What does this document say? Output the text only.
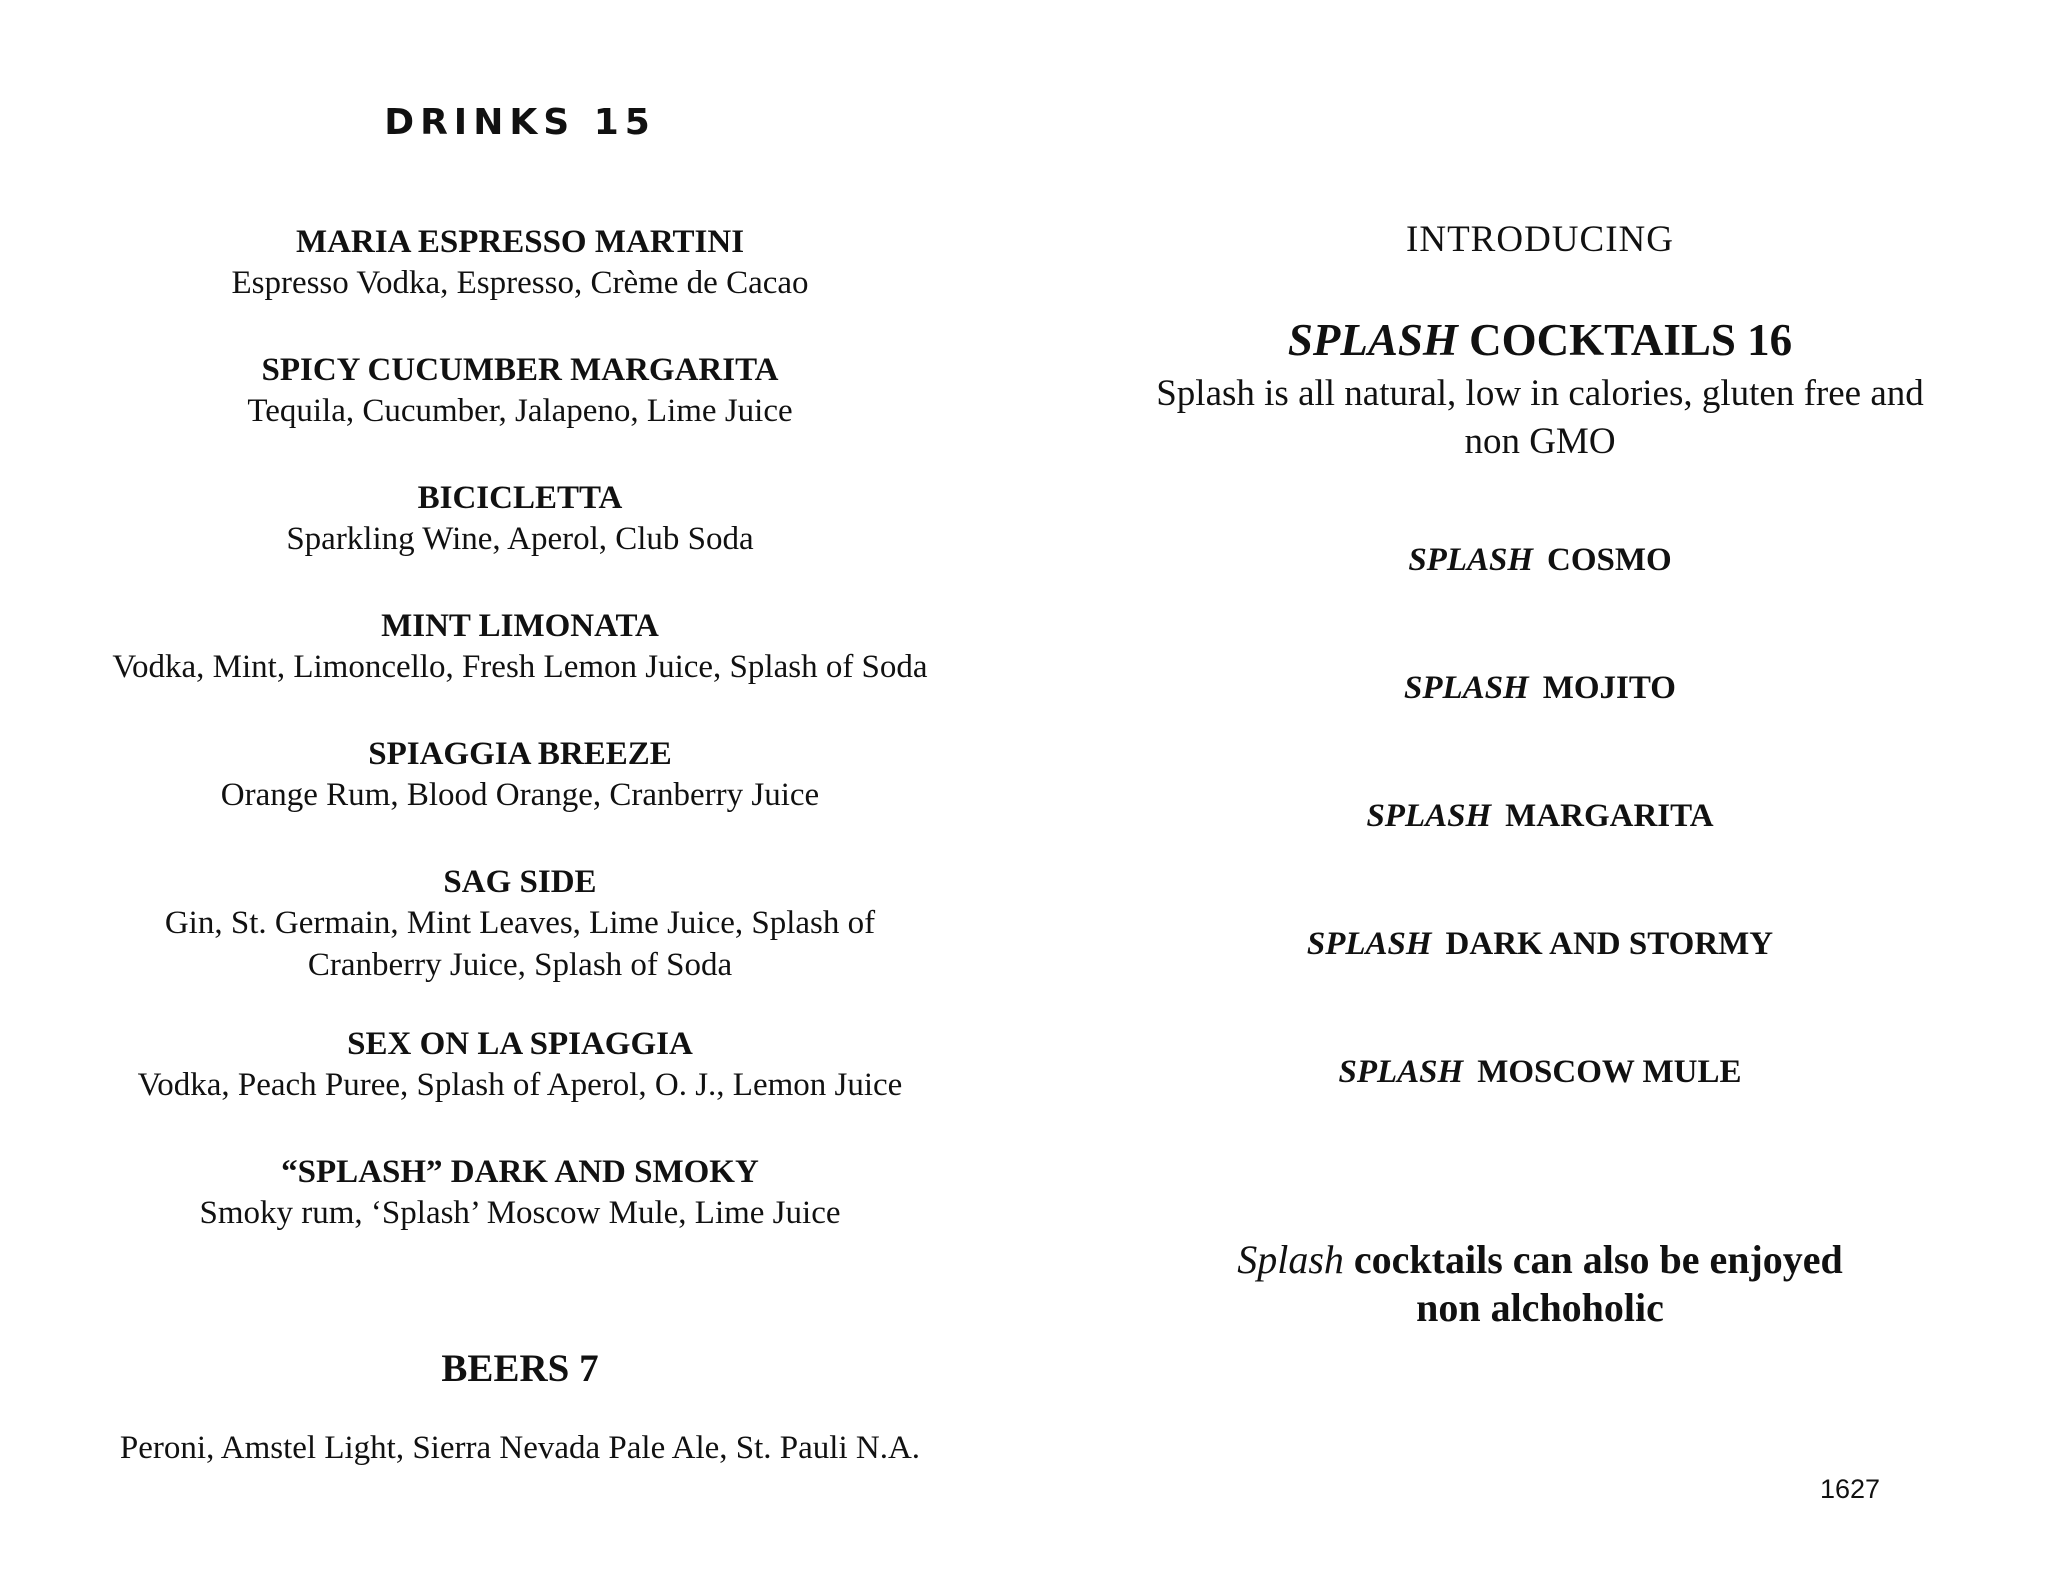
DRINKS 15
MARIA ESPRESSO MARTINI
Espresso Vodka, Espresso, Crème de Cacao
SPICY CUCUMBER MARGARITA
Tequila, Cucumber, Jalapeno, Lime Juice
BICICLETTA
Sparkling Wine, Aperol, Club Soda
MINT LIMONATA
Vodka, Mint, Limoncello, Fresh Lemon Juice, Splash of Soda
SPIAGGIA BREEZE
Orange Rum, Blood Orange, Cranberry Juice
SAG SIDE
Gin, St. Germain, Mint Leaves, Lime Juice, Splash of
Cranberry Juice, Splash of Soda
SEX ON LA SPIAGGIA
Vodka, Peach Puree, Splash of Aperol, O. J., Lemon Juice
“SPLASH” DARK AND SMOKY
Smoky rum, ‘Splash’ Moscow Mule, Lime Juice
BEERS 7
Peroni, Amstel Light, Sierra Nevada Pale Ale, St. Pauli N.A.
INTRODUCING
SPLASH COCKTAILS 16
Splash is all natural, low in calories, gluten free and
non GMO
SPLASH COSMO
SPLASH MOJITO
SPLASH MARGARITA
SPLASH DARK AND STORMY
SPLASH MOSCOW MULE
Splash cocktails can also be enjoyed
non alchoholic
1627
